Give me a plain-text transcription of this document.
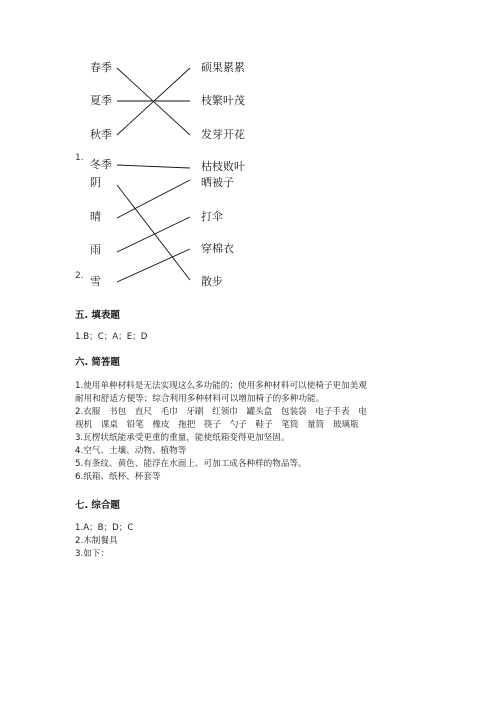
1.
2.
春季
夏季
秋季
冬季
硕果累累
枝繁叶茂
发芽开花
枯枝败叶
阴
晴
雨
雪
晒被子
打伞
穿棉衣
散步
五. 填表题
1.B；C；A；E；D
六. 简答题
1.使用单种材料是无法实现这么多功能的；使用多种材料可以使椅子更加美观
耐用和舒适方便等；综合利用多种材料可以增加椅子的多种功能。
2.衣服　书包　直尺　毛巾　牙刷　红领巾　罐头盒　包装袋　电子手表　电
视机　课桌　铅笔　橡皮　拖把　筷子　勺子　鞋子　笔筒　量筒　玻璃瓶
3.瓦楞状纸能承受更重的重量，能使纸箱变得更加坚固。
4.空气、土壤、动物、植物等
5.有条纹、黄色、能浮在水面上、可加工成各种样的物品等。
6.纸箱、纸杯、杯套等
七. 综合题
1.A；B；D；C
2.木制餐具
3.如下：
